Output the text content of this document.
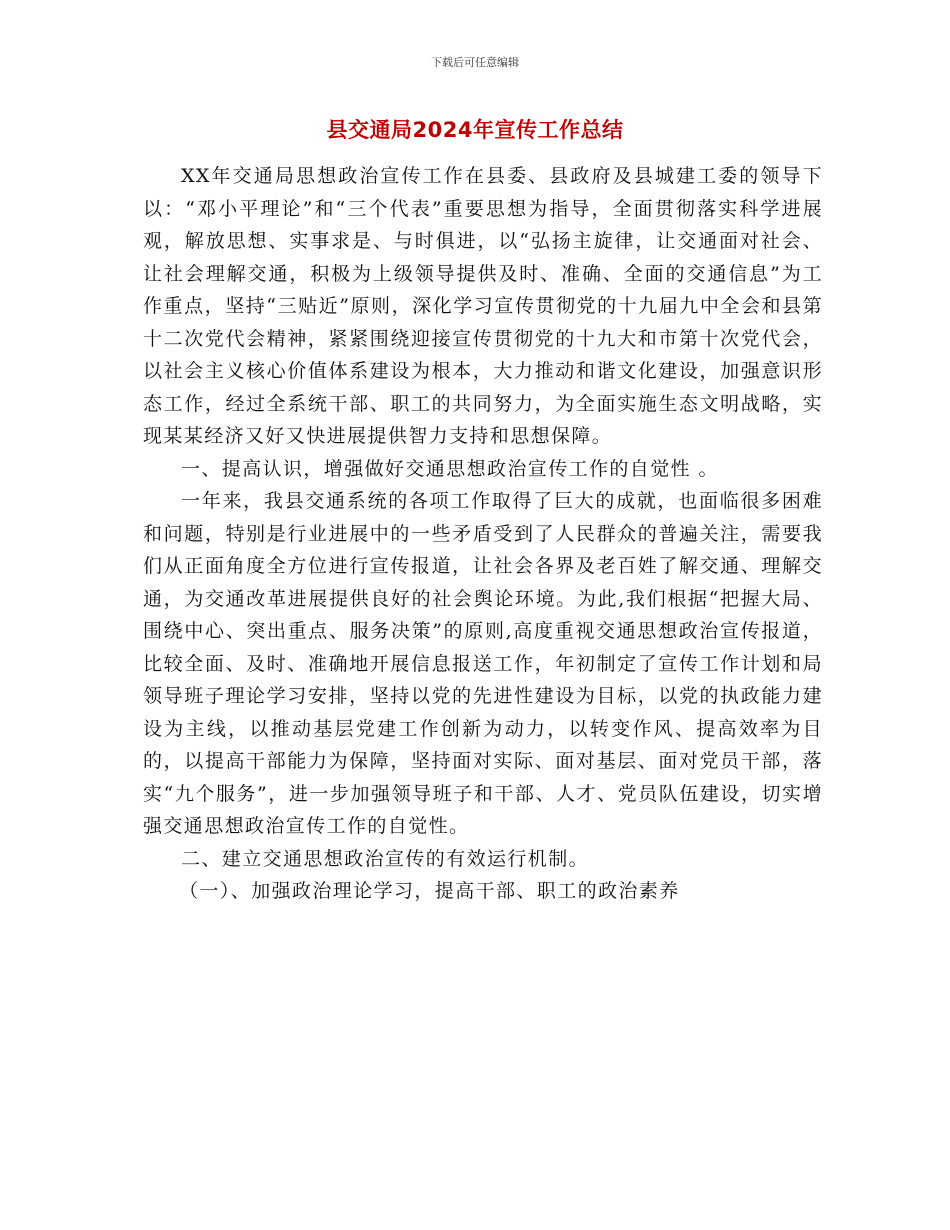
下载后可任意编辑
县交通局2024年宣传工作总结

XX年交通局思想政治宣传工作在县委、县政府及县城建工委的领导下以：“邓小平理论”和“三个代表”重要思想为指导，全面贯彻落实科学进展观，解放思想、实事求是、与时俱进，以“弘扬主旋律，让交通面对社会、让社会理解交通，积极为上级领导提供及时、准确、全面的交通信息”为工作重点，坚持“三贴近”原则，深化学习宣传贯彻党的十九届九中全会和县第十二次党代会精神，紧紧围绕迎接宣传贯彻党的十九大和市第十次党代会，以社会主义核心价值体系建设为根本，大力推动和谐文化建设，加强意识形态工作，经过全系统干部、职工的共同努力，为全面实施生态文明战略，实现某某经济又好又快进展提供智力支持和思想保障。

一、提高认识，增强做好交通思想政治宣传工作的自觉性 。

一年来，我县交通系统的各项工作取得了巨大的成就，也面临很多困难和问题，特别是行业进展中的一些矛盾受到了人民群众的普遍关注，需要我们从正面角度全方位进行宣传报道，让社会各界及老百姓了解交通、理解交通，为交通改革进展提供良好的社会舆论环境。为此,我们根据“把握大局、围绕中心、突出重点、服务决策”的原则,高度重视交通思想政治宣传报道，比较全面、及时、准确地开展信息报送工作，年初制定了宣传工作计划和局领导班子理论学习安排，坚持以党的先进性建设为目标，以党的执政能力建设为主线，以推动基层党建工作创新为动力，以转变作风、提高效率为目的，以提高干部能力为保障，坚持面对实际、面对基层、面对党员干部，落实“九个服务”，进一步加强领导班子和干部、人才、党员队伍建设，切实增强交通思想政治宣传工作的自觉性。

二、建立交通思想政治宣传的有效运行机制。

（一）、加强政治理论学习，提高干部、职工的政治素养
